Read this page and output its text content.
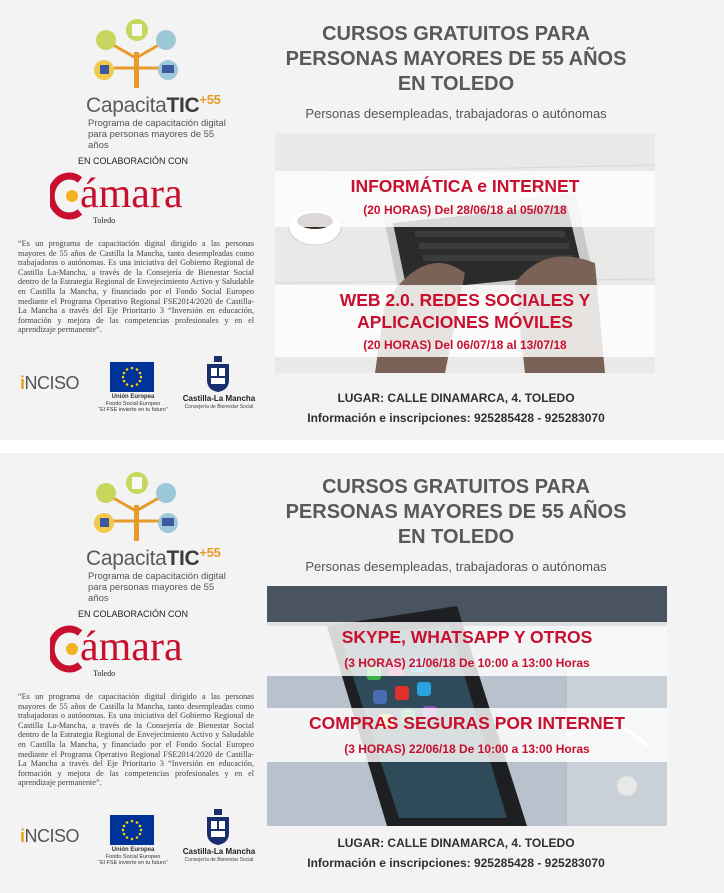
CapacitaTIC$^{+55}$
Programa de capacitación digital para personas mayores de 55 años
EN COLABORACIÓN CON
ámara
Toledo
“Es un programa de capacitación digital dirigido a las personas mayores de 55 años de Castilla la Mancha, tanto desempleadas como trabajadoras o autónomas. Es una iniciativa del Gobierno Regional de Castilla La-Mancha, a través de la Consejería de Bienestar Social dentro de la Estrategia Regional de Envejecimiento Activo y Saludable en Castilla la Mancha, y financiado por el Fondo Social Europeo mediante el Programa Operativo Regional FSE2014/2020 de Castilla-La Mancha a través del Eje Prioritario 3 “Inversión en educación, formación y mejora de las competencias profesionales y en el aprendizaje permanente”.
iNCISO
Unión Europea
Fondo Social Europeo
“El FSE invierte en tu futuro”
Castilla-La Mancha
Consejería de Bienestar Social
CURSOS GRATUITOS PARA
PERSONAS MAYORES DE 55 AÑOS
EN TOLEDO
Personas desempleadas, trabajadoras o autónomas
INFORMÁTICA e INTERNET
(20 HORAS) Del 28/06/18 al 05/07/18
WEB 2.0. REDES SOCIALES Y
APLICACIONES MÓVILES
(20 HORAS) Del 06/07/18 al 13/07/18
LUGAR: CALLE DINAMARCA, 4. TOLEDO
Información e inscripciones: 925285428 - 925283070
CapacitaTIC$^{+55}$
Programa de capacitación digital para personas mayores de 55 años
EN COLABORACIÓN CON
ámara
Toledo
“Es un programa de capacitación digital dirigido a las personas mayores de 55 años de Castilla la Mancha, tanto desempleadas como trabajadoras o autónomas. Es una iniciativa del Gobierno Regional de Castilla La-Mancha, a través de la Consejería de Bienestar Social dentro de la Estrategia Regional de Envejecimiento Activo y Saludable en Castilla la Mancha, y financiado por el Fondo Social Europeo mediante el Programa Operativo Regional FSE2014/2020 de Castilla-La Mancha a través del Eje Prioritario 3 “Inversión en educación, formación y mejora de las competencias profesionales y en el aprendizaje permanente”.
iNCISO
Unión Europea
Fondo Social Europeo
“El FSE invierte en tu futuro”
Castilla-La Mancha
Consejería de Bienestar Social
CURSOS GRATUITOS PARA
PERSONAS MAYORES DE 55 AÑOS
EN TOLEDO
Personas desempleadas, trabajadoras o autónomas
SKYPE, WHATSAPP Y OTROS
(3 HORAS) 21/06/18 De 10:00 a 13:00 Horas
COMPRAS SEGURAS POR INTERNET
(3 HORAS) 22/06/18 De 10:00 a 13:00 Horas
LUGAR: CALLE DINAMARCA, 4. TOLEDO
Información e inscripciones: 925285428 - 925283070
